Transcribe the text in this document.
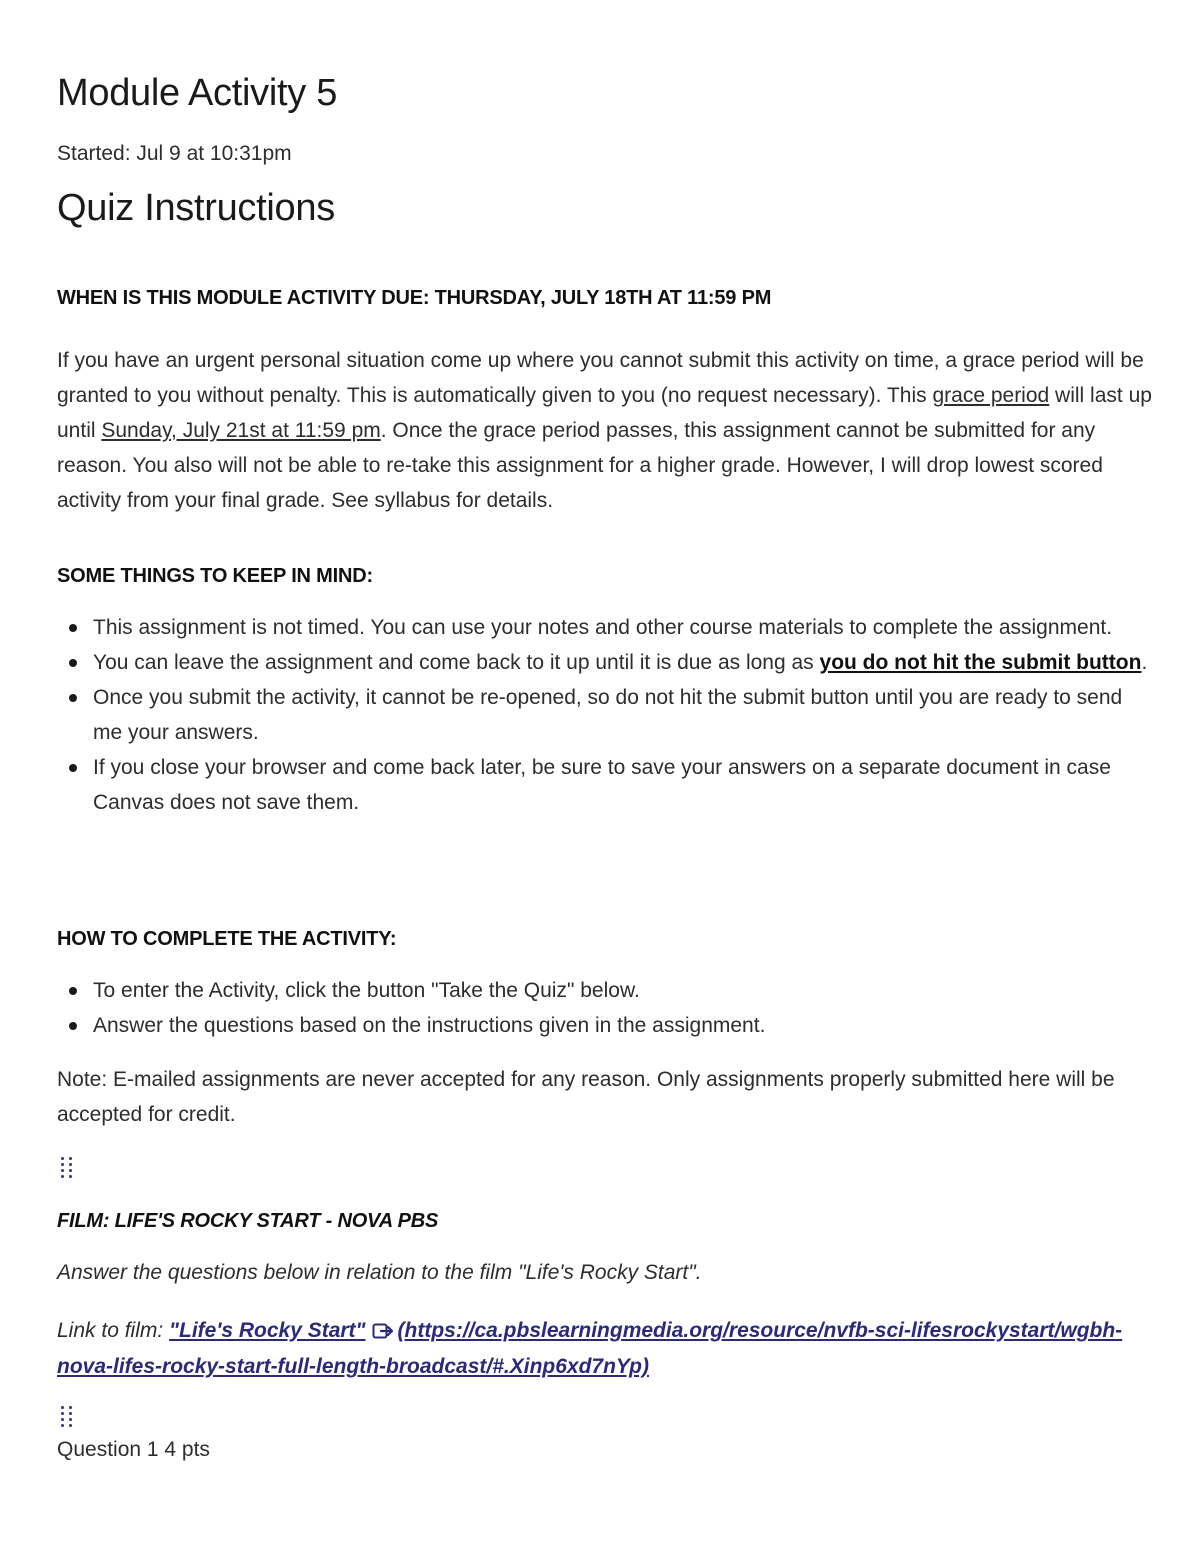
Module Activity 5
Started: Jul 9 at 10:31pm
Quiz Instructions
WHEN IS THIS MODULE ACTIVITY DUE: THURSDAY, JULY 18TH AT 11:59 PM
If you have an urgent personal situation come up where you cannot submit this activity on time, a grace period will be granted to you without penalty. This is automatically given to you (no request necessary). This grace period will last up until Sunday, July 21st at 11:59 pm. Once the grace period passes, this assignment cannot be submitted for any reason. You also will not be able to re-take this assignment for a higher grade. However, I will drop lowest scored activity from your final grade. See syllabus for details.
SOME THINGS TO KEEP IN MIND:
This assignment is not timed. You can use your notes and other course materials to complete the assignment.
You can leave the assignment and come back to it up until it is due as long as you do not hit the submit button.
Once you submit the activity, it cannot be re-opened, so do not hit the submit button until you are ready to send me your answers.
If you close your browser and come back later, be sure to save your answers on a separate document in case Canvas does not save them.
HOW TO COMPLETE THE ACTIVITY:
To enter the Activity, click the button "Take the Quiz" below.
Answer the questions based on the instructions given in the assignment.
Note: E-mailed assignments are never accepted for any reason. Only assignments properly submitted here will be accepted for credit.
FILM: LIFE'S ROCKY START - NOVA PBS
Answer the questions below in relation to the film "Life's Rocky Start".
Link to film: "Life's Rocky Start" (https://ca.pbslearningmedia.org/resource/nvfb-sci-lifesrockystart/wgbh-nova-lifes-rocky-start-full-length-broadcast/#.Xinp6xd7nYp)
Question 1 4 pts
